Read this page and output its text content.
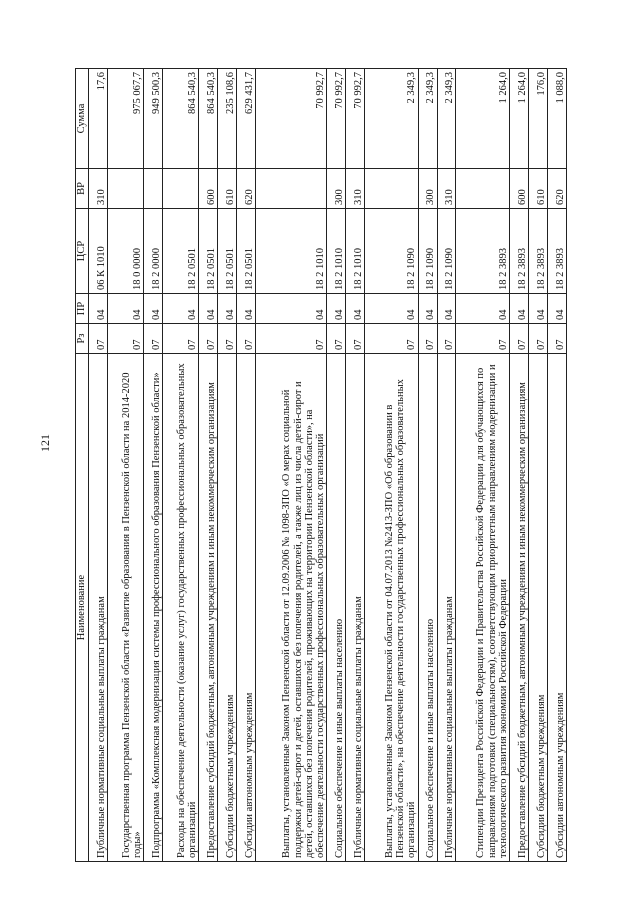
121
Наименование	Рз	ПР	ЦСР	ВР	Сумма
Публичные нормативные социальные выплаты гражданам	07	04	06 К 1010	310	17,6
Государственная программа Пензенской области «Развитие образования в Пензенской области на 2014-2020 годы»	07	04	18 0 0000		975 067,7
Подпрограмма «Комплексная модернизация системы профессионального образования Пензенской области»	07	04	18 2 0000		949 500,3
Расходы на обеспечение деятельности (оказание услуг) государственных профессиональных образовательных организаций	07	04	18 2 0501		864 540,3
Предоставление субсидий бюджетным, автономным учреждениям и иным некоммерческим организациям	07	04	18 2 0501	600	864 540,3
Субсидии бюджетным учреждениям	07	04	18 2 0501	610	235 108,6
Субсидии автономным учреждениям	07	04	18 2 0501	620	629 431,7
Выплаты, установленные Законом Пензенской области от 12.09.2006 № 1098-ЗПО «О мерах социальной поддержки детей-сирот и детей, оставшихся без попечения родителей, а также лиц из числа детей-сирот и детей, оставшихся без попечения родителей, проживающих на территории Пензенской области», на обеспечение деятельности государственных профессиональных образовательных организаций	07	04	18 2 1010		70 992,7
Социальное обеспечение и иные выплаты населению	07	04	18 2 1010	300	70 992,7
Публичные нормативные социальные выплаты гражданам	07	04	18 2 1010	310	70 992,7
Выплаты, установленные Законом Пензенской области от 04.07.2013 №2413-ЗПО «Об образовании в Пензенской области», на обеспечение деятельности государственных профессиональных образовательных организаций	07	04	18 2 1090		2 349,3
Социальное обеспечение и иные выплаты населению	07	04	18 2 1090	300	2 349,3
Публичные нормативные социальные выплаты гражданам	07	04	18 2 1090	310	2 349,3
Стипендии Президента Российской Федерации и Правительства Российской Федерации для обучающихся по направлениям подготовки (специальностям), соответствующим приоритетным направлениям модернизации и технологического развития экономики Российской Федерации	07	04	18 2 3893		1 264,0
Предоставление субсидий бюджетным, автономным учреждениям и иным некоммерческим организациям	07	04	18 2 3893	600	1 264,0
Субсидии бюджетным учреждениям	07	04	18 2 3893	610	176,0
Субсидии автономным учреждениям	07	04	18 2 3893	620	1 088,0
